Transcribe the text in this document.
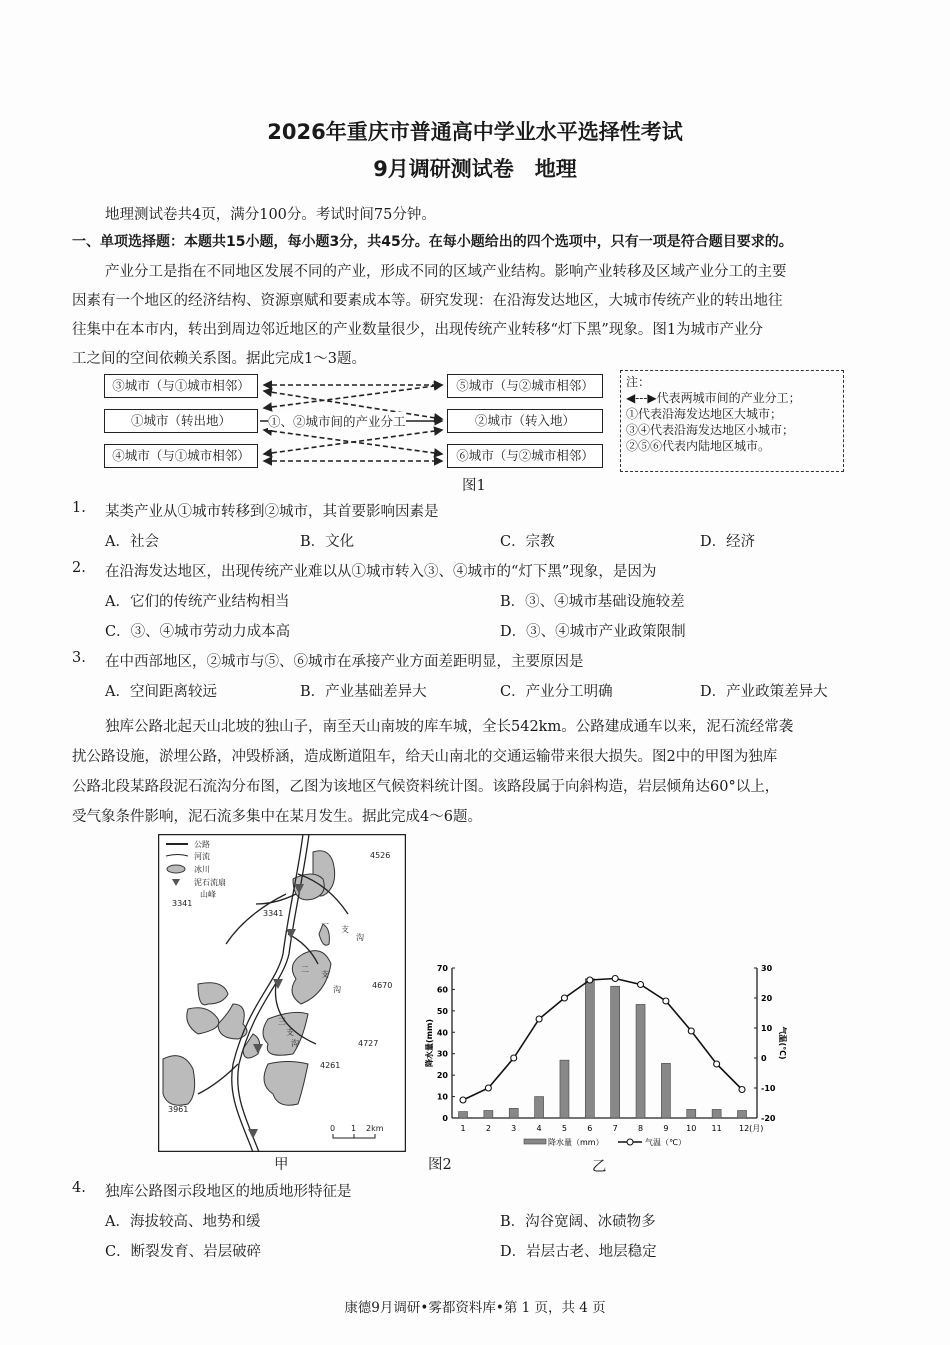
2026年重庆市普通高中学业水平选择性考试
9月调研测试卷　地理
地理测试卷共4页，满分100分。考试时间75分钟。
一、单项选择题：本题共15小题，每小题3分，共45分。在每小题给出的四个选项中，只有一项是符合题目要求的。
产业分工是指在不同地区发展不同的产业，形成不同的区域产业结构。影响产业转移及区域产业分工的主要
因素有一个地区的经济结构、资源禀赋和要素成本等。研究发现：在沿海发达地区，大城市传统产业的转出地往
往集中在本市内，转出到周边邻近地区的产业数量很少，出现传统产业转移“灯下黑”现象。图1为城市产业分
工之间的空间依赖关系图。据此完成1～3题。
③城市（与①城市相邻）
①城市（转出地）
④城市（与①城市相邻）
⑤城市（与②城市相邻）
②城市（转入地）
⑥城市（与②城市相邻）
①、②城市间的产业分工
注：
◀---▶代表两城市间的产业分工；
①代表沿海发达地区大城市；
③④代表沿海发达地区小城市；
②⑤⑥代表内陆地区城市。
图1
1. 某类产业从①城市转移到②城市，其首要影响因素是
A．社会	B．文化	C．宗教	D．经济
2. 在沿海发达地区，出现传统产业难以从①城市转入③、④城市的“灯下黑”现象，是因为
A．它们的传统产业结构相当	B．③、④城市基础设施较差
C．③、④城市劳动力成本高	D．③、④城市产业政策限制
3. 在中西部地区，②城市与⑤、⑥城市在承接产业方面差距明显，主要原因是
A．空间距离较远	B．产业基础差异大	C．产业分工明确	D．产业政策差异大
4. 独库公路图示段地区的地质地形特征是
A．海拔较高、地势和缓	B．沟谷宽阔、冰碛物多
C．断裂发育、岩层破碎	D．岩层古老、地层稳定
独库公路北起天山北坡的独山子，南至天山南坡的库车城，全长542km。公路建成通车以来，泥石流经常袭
扰公路设施，淤埋公路，冲毁桥涵，造成断道阻车，给天山南北的交通运输带来很大损失。图2中的甲图为独库
公路北段某路段泥石流沟分布图，乙图为该地区气候资料统计图。该路段属于向斜构造，岩层倾角达60°以上，
受气象条件影响，泥石流多集中在某月发生。据此完成4～6题。
公路
河流
冰川
泥石流扇
山峰
3341
4526
3341
4670
4727
4261
3961
一
支
沟
二
支
沟
三
支
沟
0 1 2km
甲
0
10
20
30
40
50
60
70
-20
-10
0
10
20
30
降水量(mm)	气温(℃)
1	2	3	4	5	6	7	8	9 10 11 12(月)
降水量（mm）	气温（℃）
图2	乙
康德9月调研•雾都资料库•第 1 页，共 4 页
